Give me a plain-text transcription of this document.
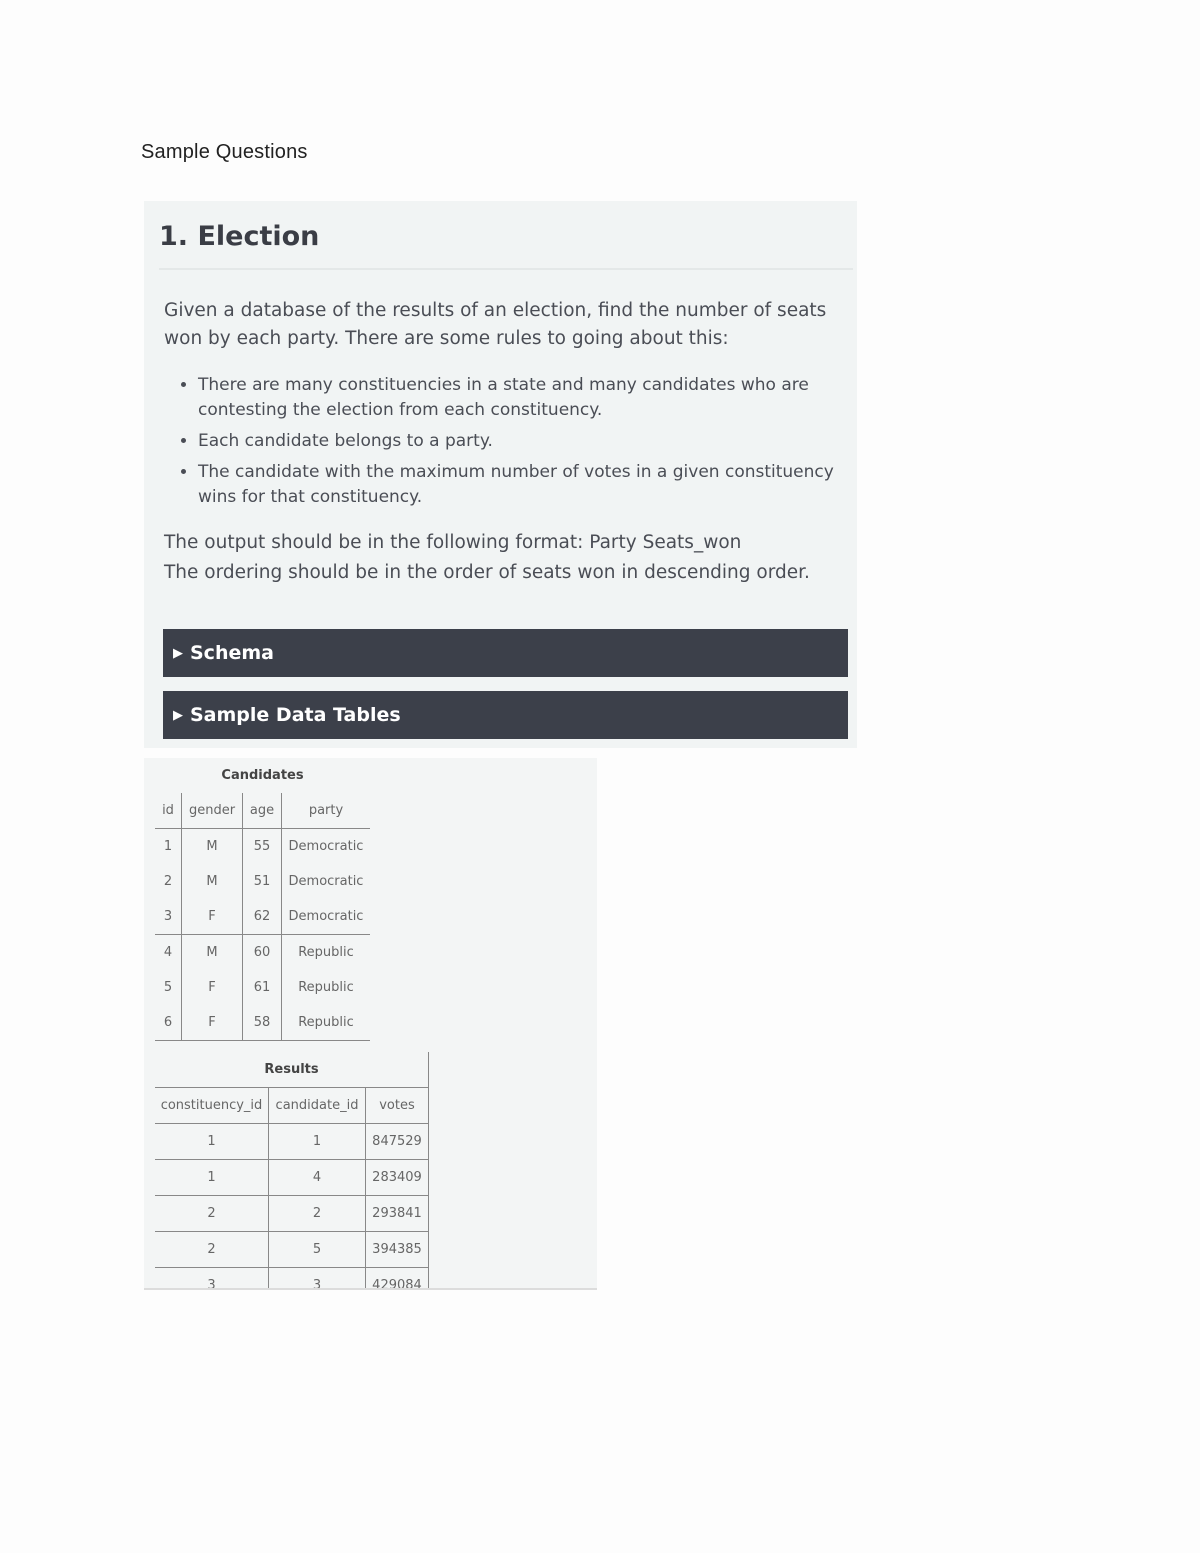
Sample Questions
1. Election

Given a database of the results of an election, find the number of seats won by each party. There are some rules to going about this:

• There are many constituencies in a state and many candidates who are contesting the election from each constituency.
• Each candidate belongs to a party.
• The candidate with the maximum number of votes in a given constituency wins for that constituency.

The output should be in the following format: Party Seats_won
The ordering should be in the order of seats won in descending order.

▶ Schema
▶ Sample Data Tables
Candidates			
id	gender	age	party
1	M	55	Democratic
2	M	51	Democratic
3	F	62	Democratic
4	M	60	Republic
5	F	61	Republic
6	F	58	Republic
Results		
constituency_id	candidate_id	votes
1	1	847529
1	4	283409
2	2	293841
2	5	394385
3	3	429084
